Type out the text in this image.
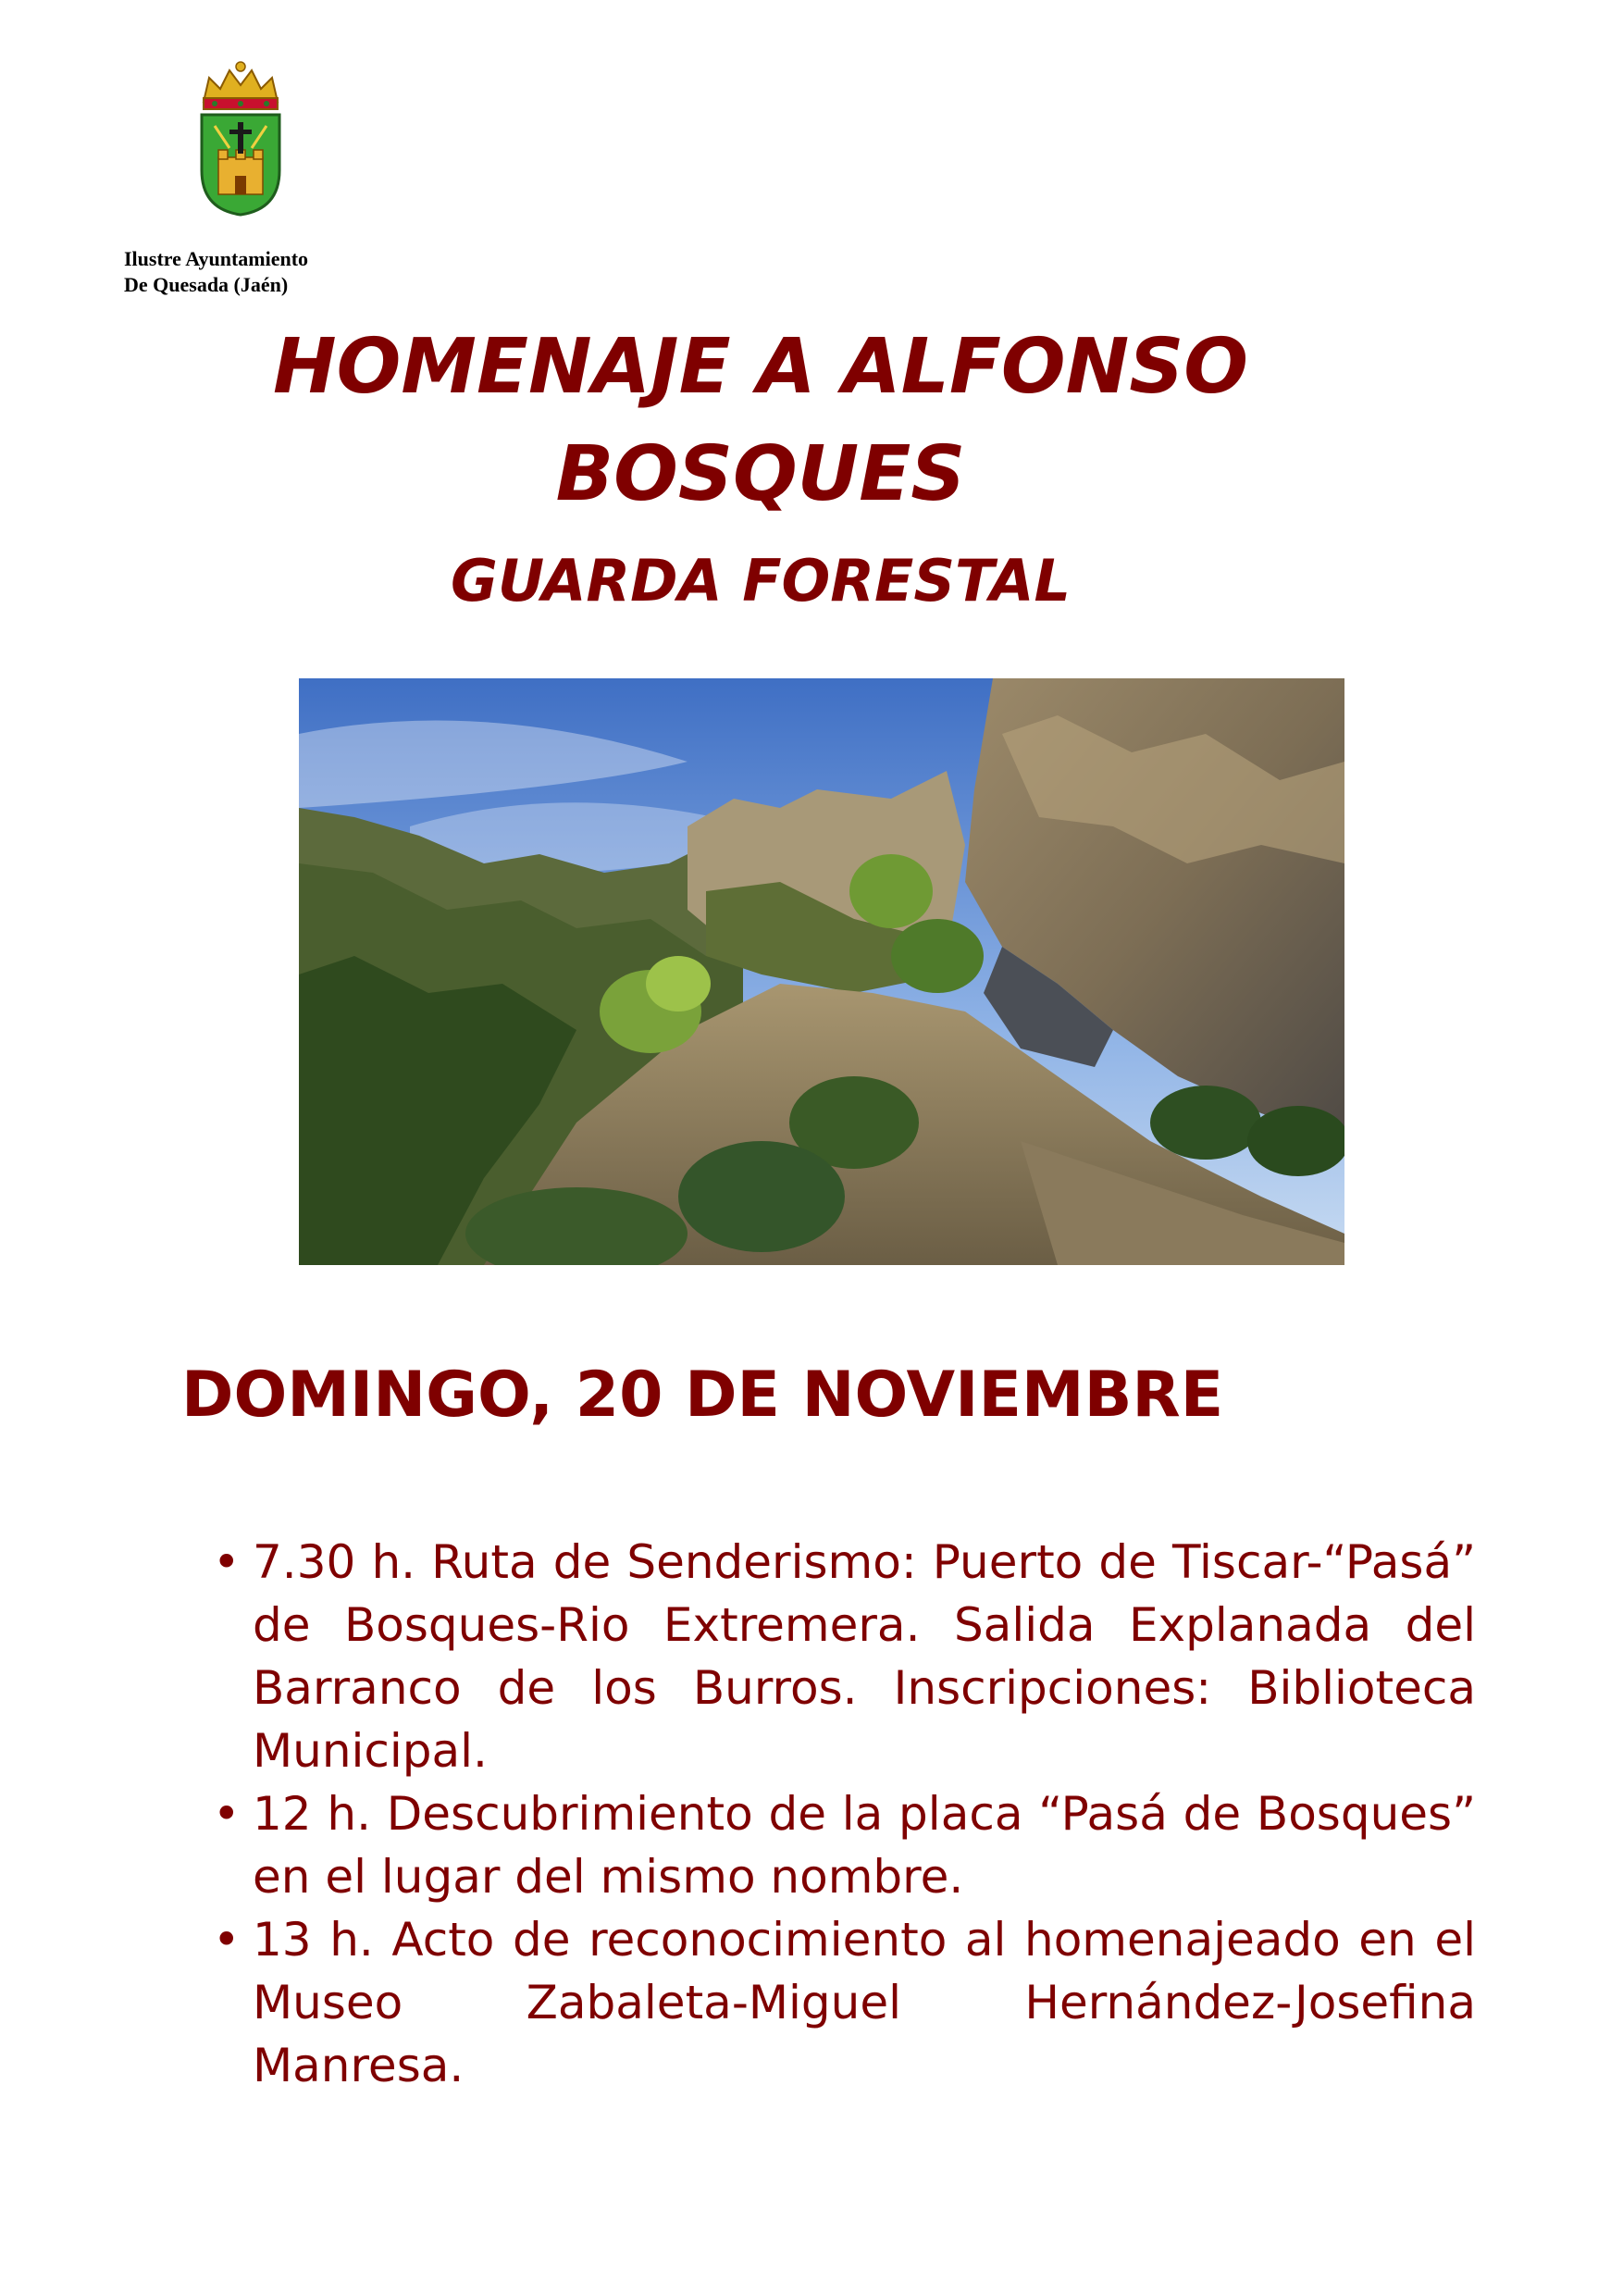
Ilustre Ayuntamiento
De Quesada (Jaén)
HOMENAJE A ALFONSO
BOSQUES
GUARDA FORESTAL
DOMINGO, 20 DE NOVIEMBRE
• 7.30 h. Ruta de Senderismo: Puerto de Tiscar-“Pasá” de Bosques-Rio Extremera. Salida Explanada del Barranco de los Burros. Inscripciones: Biblioteca Municipal.
• 12 h. Descubrimiento de la placa “Pasá de Bosques” en el lugar del mismo nombre.
• 13 h. Acto de reconocimiento al homenajeado en el Museo Zabaleta-Miguel Hernández-Josefina Manresa.
